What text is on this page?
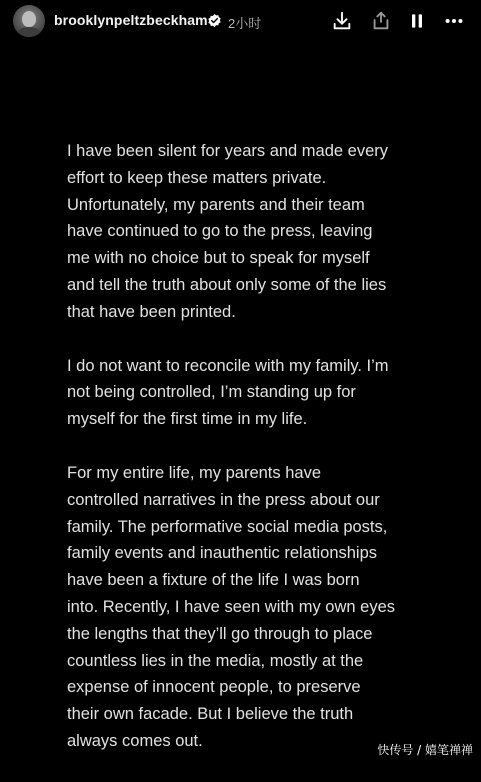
brooklynpeltzbeckham 2小时

I have been silent for years and made every
effort to keep these matters private.
Unfortunately, my parents and their team
have continued to go to the press, leaving
me with no choice but to speak for myself
and tell the truth about only some of the lies
that have been printed.

I do not want to reconcile with my family. I’m
not being controlled, I’m standing up for
myself for the first time in my life.

For my entire life, my parents have
controlled narratives in the press about our
family. The performative social media posts,
family events and inauthentic relationships
have been a fixture of the life I was born
into. Recently, I have seen with my own eyes
the lengths that they’ll go through to place
countless lies in the media, mostly at the
expense of innocent people, to preserve
their own facade. But I believe the truth
always comes out.

快传号 / 嬉笔禅禅
